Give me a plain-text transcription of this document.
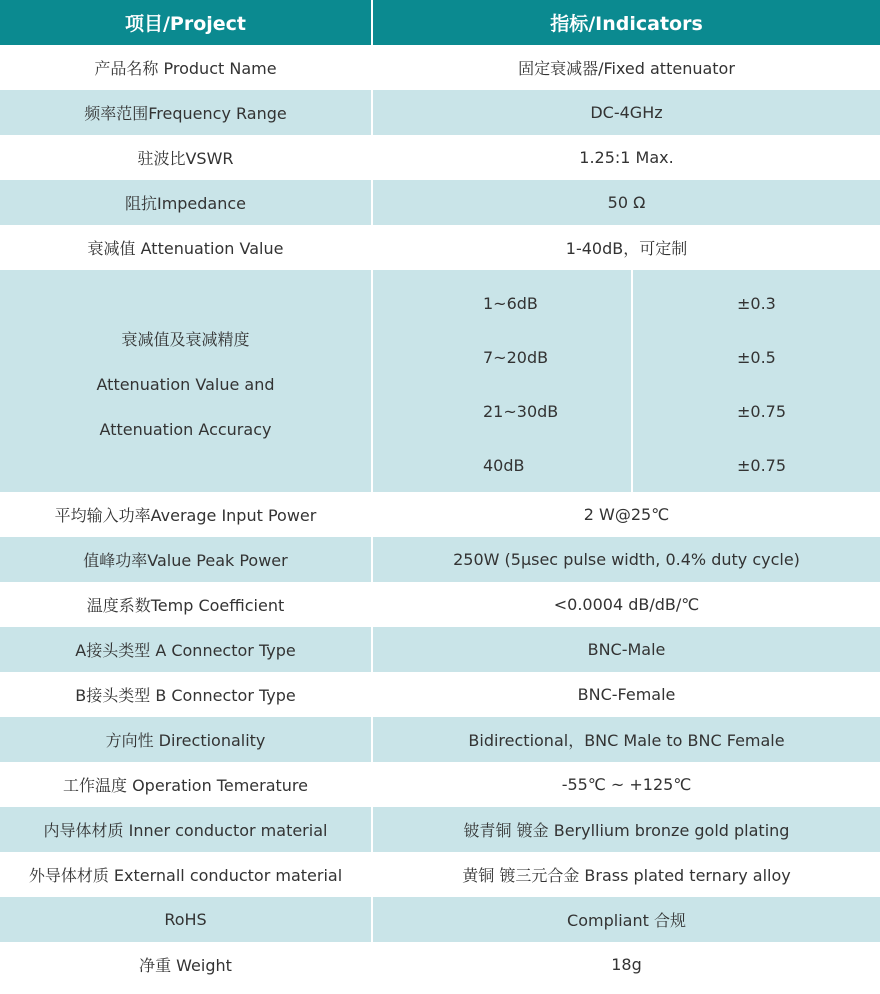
项目/Project	指标/Indicators	
产品名称 Product Name	固定衰减器/Fixed attenuator	
频率范围Frequency Range	DC-4GHz	
驻波比VSWR	1.25:1 Max.	
阻抗Impedance	50 Ω	
衰减值 Attenuation Value	1-40dB，可定制	

衰减值及衰减精度
Attenuation Value and
Attenuation Accuracy	1~6dB	±0.3
	7~20dB	±0.5
	21~30dB	±0.75
	40dB	±0.75
平均输入功率Average Input Power	2 W@25℃	
值峰功率Value Peak Power	250W (5μsec pulse width, 0.4% duty cycle)	
温度系数Temp Coefficient	<0.0004 dB/dB/℃	
A接头类型 A Connector Type	BNC-Male	
B接头类型 B Connector Type	BNC-Female	
方向性 Directionality	Bidirectional，BNC Male to BNC Female	
工作温度 Operation Temerature	-55℃ ~ +125℃	
内导体材质 Inner conductor material	铍青铜 镀金 Beryllium bronze gold plating	
外导体材质 Externall conductor material	黄铜 镀三元合金 Brass plated ternary alloy	
RoHS	Compliant 合规	
净重 Weight	18g	
